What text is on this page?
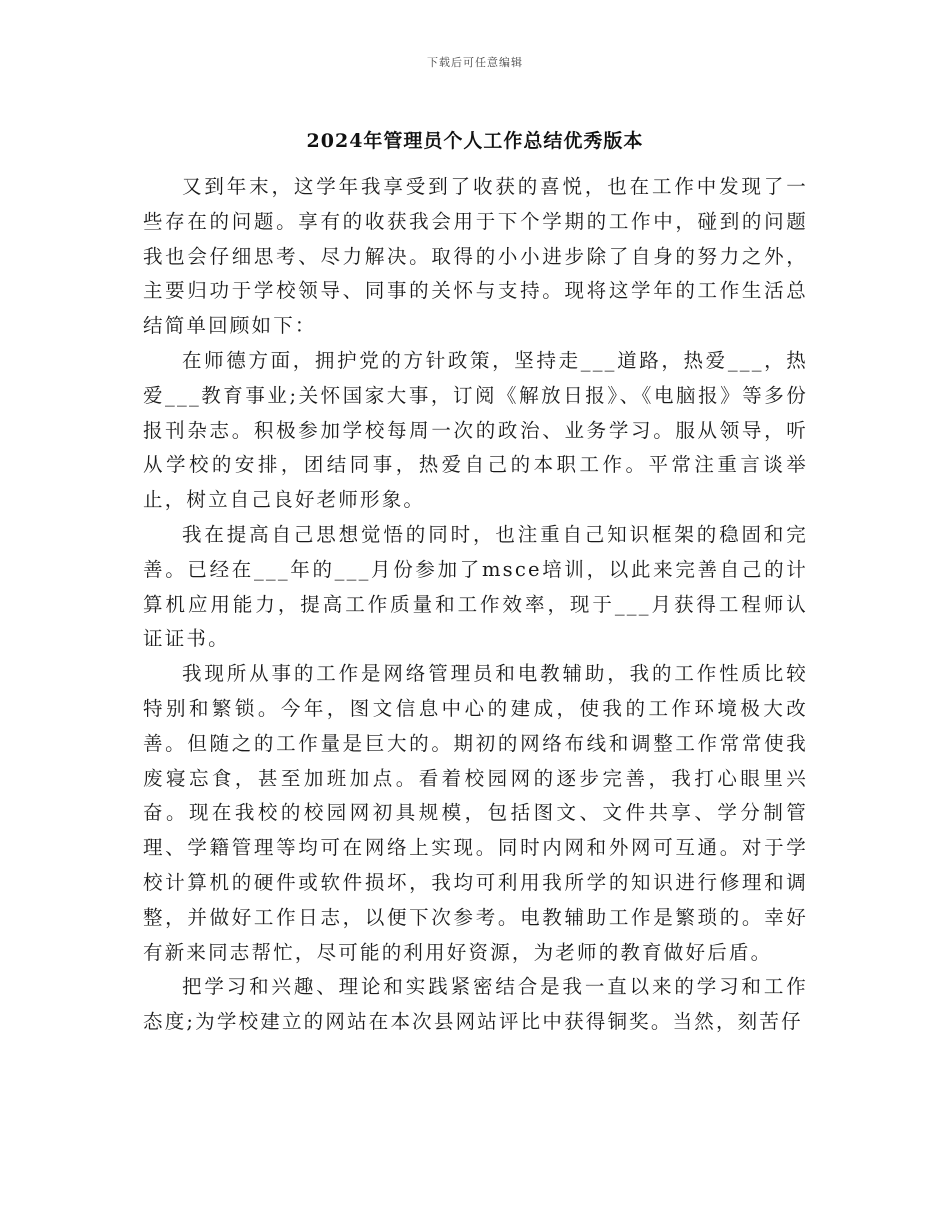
下载后可任意编辑
2024年管理员个人工作总结优秀版本

又到年末，这学年我享受到了收获的喜悦，也在工作中发现了一些存在的问题。享有的收获我会用于下个学期的工作中，碰到的问题我也会仔细思考、尽力解决。取得的小小进步除了自身的努力之外，主要归功于学校领导、同事的关怀与支持。现将这学年的工作生活总结简单回顾如下：

在师德方面，拥护党的方针政策，坚持走___道路，热爱___，热爱___教育事业;关怀国家大事，订阅《解放日报》、《电脑报》等多份报刊杂志。积极参加学校每周一次的政治、业务学习。服从领导，听从学校的安排，团结同事，热爱自己的本职工作。平常注重言谈举止，树立自己良好老师形象。

我在提高自己思想觉悟的同时，也注重自己知识框架的稳固和完善。已经在___年的___月份参加了msce培训，以此来完善自己的计算机应用能力，提高工作质量和工作效率，现于___月获得工程师认证证书。

我现所从事的工作是网络管理员和电教辅助，我的工作性质比较特别和繁锁。今年，图文信息中心的建成，使我的工作环境极大改善。但随之的工作量是巨大的。期初的网络布线和调整工作常常使我废寝忘食，甚至加班加点。看着校园网的逐步完善，我打心眼里兴奋。现在我校的校园网初具规模，包括图文、文件共享、学分制管理、学籍管理等均可在网络上实现。同时内网和外网可互通。对于学校计算机的硬件或软件损坏，我均可利用我所学的知识进行修理和调整，并做好工作日志，以便下次参考。电教辅助工作是繁琐的。幸好有新来同志帮忙，尽可能的利用好资源，为老师的教育做好后盾。

把学习和兴趣、理论和实践紧密结合是我一直以来的学习和工作态度;为学校建立的网站在本次县网站评比中获得铜奖。当然，刻苦仔
